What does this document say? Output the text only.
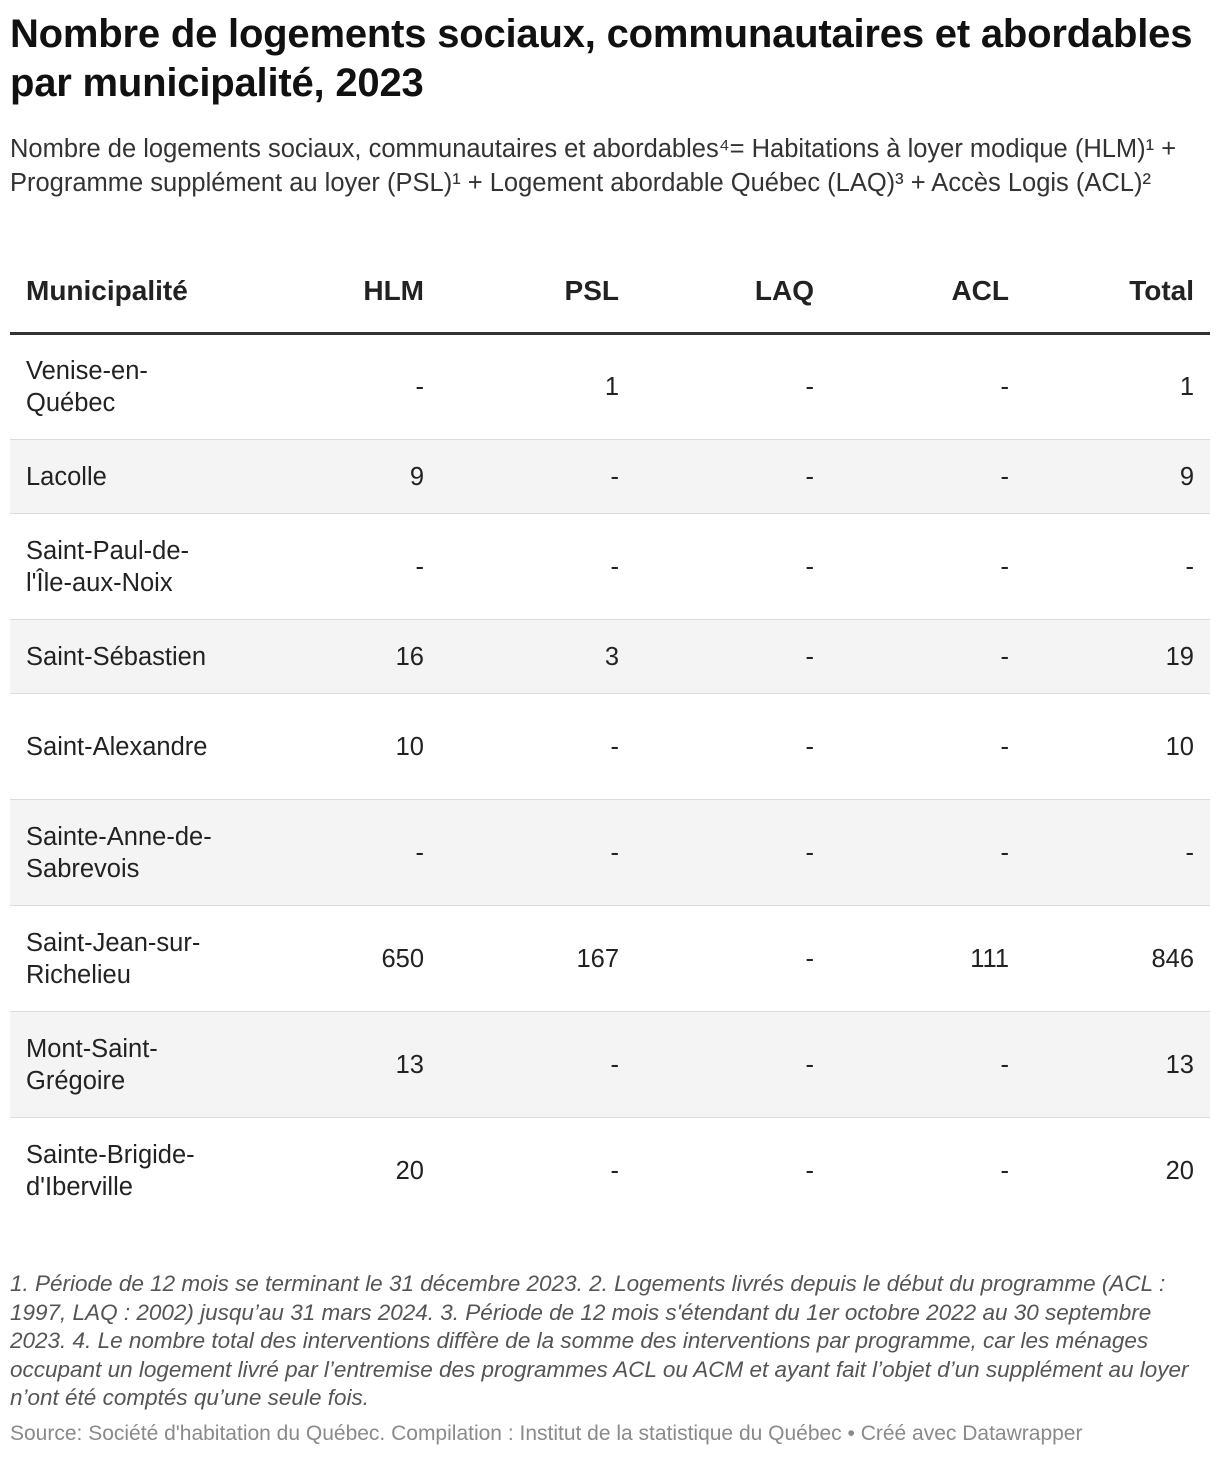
Nombre de logements sociaux, communautaires et abordables par municipalité, 2023
Nombre de logements sociaux, communautaires et abordables⁴= Habitations à loyer modique (HLM)¹ + Programme supplément au loyer (PSL)¹ + Logement abordable Québec (LAQ)³ + Accès Logis (ACL)²
Municipalité	HLM	PSL	LAQ	ACL	Total
Venise-en-Québec	-	1	-	-	1
Lacolle	9	-	-	-	9
Saint-Paul-de-l'Île-aux-Noix	-	-	-	-	-
Saint-Sébastien	16	3	-	-	19
Saint-Alexandre	10	-	-	-	10
Sainte-Anne-de-Sabrevois	-	-	-	-	-
Saint-Jean-sur-Richelieu	650	167	-	111	846
Mont-Saint-Grégoire	13	-	-	-	13
Sainte-Brigide-d'Iberville	20	-	-	-	20
1. Période de 12 mois se terminant le 31 décembre 2023. 2. Logements livrés depuis le début du programme (ACL : 1997, LAQ : 2002) jusqu’au 31 mars 2024. 3. Période de 12 mois s'étendant du 1er octobre 2022 au 30 septembre 2023. 4. Le nombre total des interventions diffère de la somme des interventions par programme, car les ménages occupant un logement livré par l’entremise des programmes ACL ou ACM et ayant fait l’objet d’un supplément au loyer n’ont été comptés qu’une seule fois.
Source: Société d'habitation du Québec. Compilation : Institut de la statistique du Québec • Créé avec Datawrapper
